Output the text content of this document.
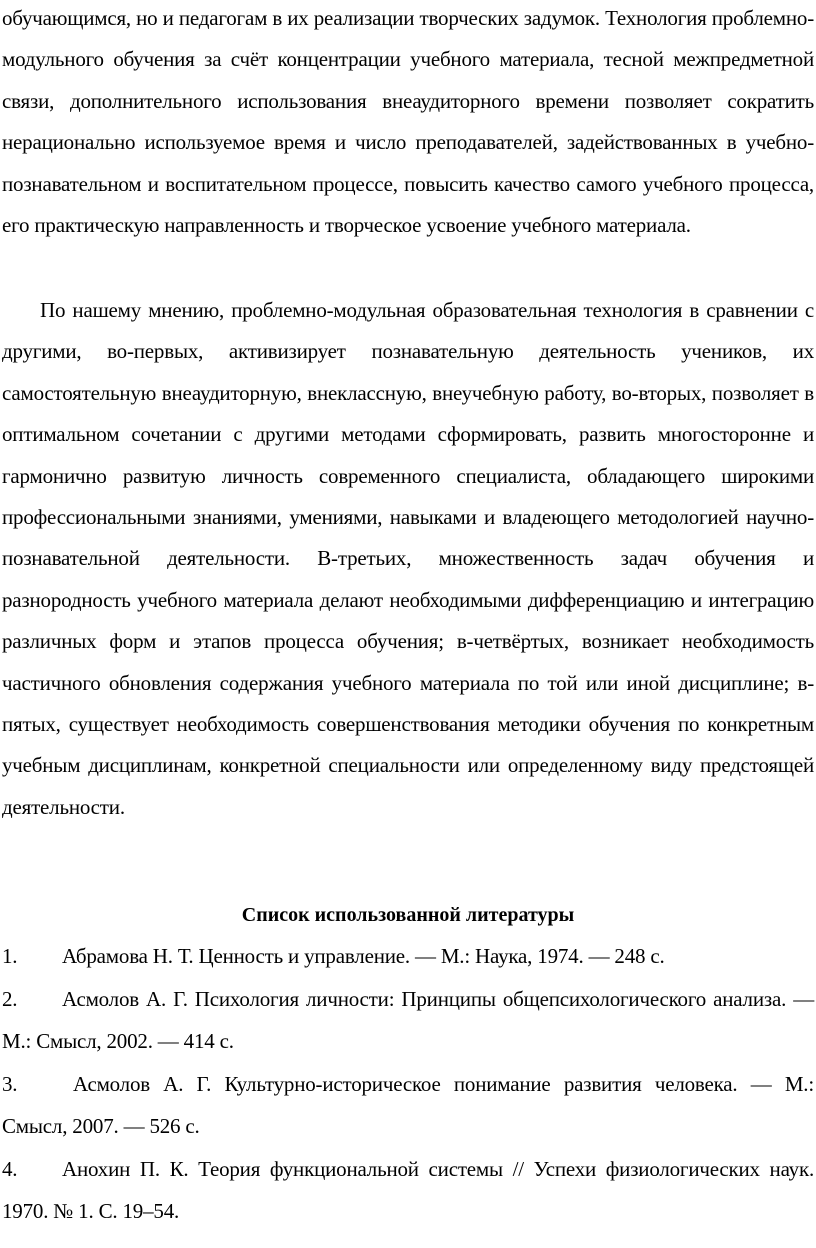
обучающимся, но и педагогам в их реализации творческих задумок. Технология проблемно-модульного обучения за счёт концентрации учебного материала, тесной межпредметной связи, дополнительного использования внеаудиторного времени позволяет сократить нерационально используемое время и число преподавателей, задействованных в учебно-познавательном и воспитательном процессе, повысить качество самого учебного процесса, его практическую направленность и творческое усвоение учебного материала.

По нашему мнению, проблемно-модульная образовательная технология в сравнении с другими, во-первых, активизирует познавательную деятельность учеников, их самостоятельную внеаудиторную, внеклассную, внеучебную работу, во-вторых, позволяет в оптимальном сочетании с другими методами сформировать, развить многосторонне и гармонично развитую личность современного специалиста, обладающего широкими профессиональными знаниями, умениями, навыками и владеющего методологией научно-познавательной деятельности. В-третьих, множественность задач обучения и разнородность учебного материала делают необходимыми дифференциацию и интеграцию различных форм и этапов процесса обучения; в-четвёртых, возникает необходимость частичного обновления содержания учебного материала по той или иной дисциплине; в-пятых, существует необходимость совершенствования методики обучения по конкретным учебным дисциплинам, конкретной специальности или определенному виду предстоящей деятельности.

Список использованной литературы

1. Абрамова Н. Т. Ценность и управление. — М.: Наука, 1974. — 248 с.

2. Асмолов А. Г. Психология личности: Принципы общепсихологического анализа. — М.: Смысл, 2002. — 414 с.

3.	Асмолов А. Г. Культурно-историческое понимание развития человека. — М.: Смысл, 2007. — 526 с.

4. Анохин П. К. Теория функциональной системы // Успехи физиологических наук. 1970. № 1. С. 19–54.
